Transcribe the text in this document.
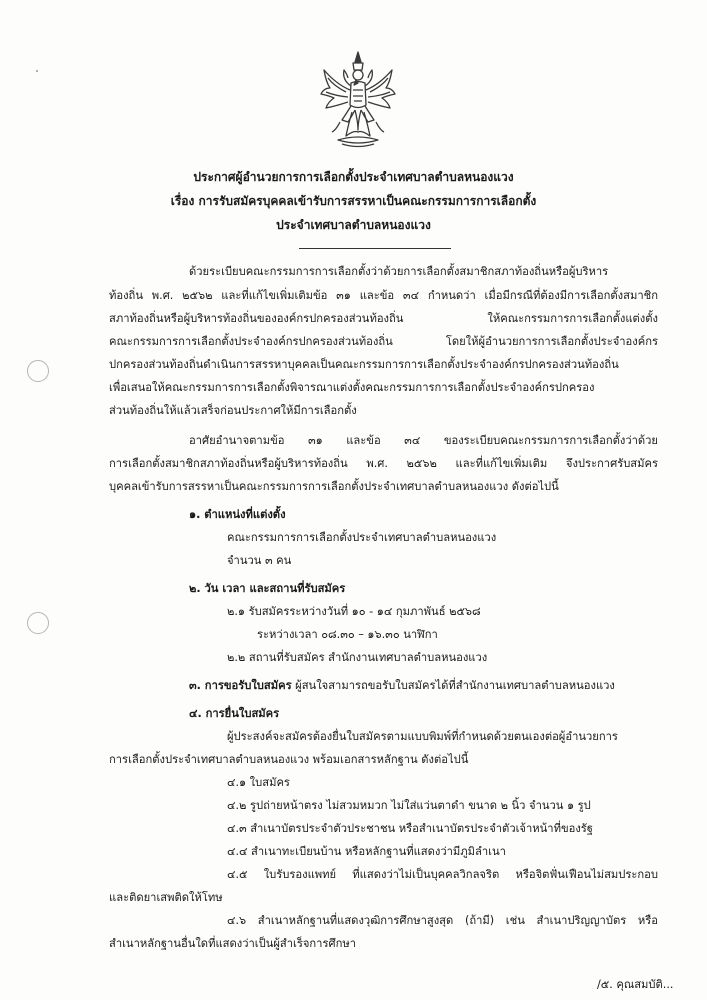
ประกาศผู้อำนวยการการเลือกตั้งประจำเทศบาลตำบลหนองแวง
เรื่อง การรับสมัครบุคคลเข้ารับการสรรหาเป็นคณะกรรมการการเลือกตั้ง
ประจำเทศบาลตำบลหนองแวง
ด้วยระเบียบคณะกรรมการการเลือกตั้งว่าด้วยการเลือกตั้งสมาชิกสภาท้องถิ่นหรือผู้บริหาร
ท้องถิ่น พ.ศ. ๒๕๖๒ และที่แก้ไขเพิ่มเติมข้อ ๓๑ และข้อ ๓๔ กำหนดว่า เมื่อมีกรณีที่ต้องมีการเลือกตั้งสมาชิก
สภาท้องถิ่นหรือผู้บริหารท้องถิ่นขององค์กรปกครองส่วนท้องถิ่น ให้คณะกรรมการการเลือกตั้งแต่งตั้ง
คณะกรรมการการเลือกตั้งประจำองค์กรปกครองส่วนท้องถิ่น โดยให้ผู้อำนวยการการเลือกตั้งประจำองค์กร
ปกครองส่วนท้องถิ่นดำเนินการสรรหาบุคคลเป็นคณะกรรมการการเลือกตั้งประจำองค์กรปกครองส่วนท้องถิ่น
เพื่อเสนอให้คณะกรรมการการเลือกตั้งพิจารณาแต่งตั้งคณะกรรมการการเลือกตั้งประจำองค์กรปกครอง
ส่วนท้องถิ่นให้แล้วเสร็จก่อนประกาศให้มีการเลือกตั้ง
อาศัยอำนาจตามข้อ ๓๑ และข้อ ๓๔ ของระเบียบคณะกรรมการการเลือกตั้งว่าด้วย
การเลือกตั้งสมาชิกสภาท้องถิ่นหรือผู้บริหารท้องถิ่น พ.ศ. ๒๕๖๒ และที่แก้ไขเพิ่มเติม จึงประกาศรับสมัคร
บุคคลเข้ารับการสรรหาเป็นคณะกรรมการการเลือกตั้งประจำเทศบาลตำบลหนองแวง ดังต่อไปนี้
๑. ตำแหน่งที่แต่งตั้ง
คณะกรรมการการเลือกตั้งประจำเทศบาลตำบลหนองแวง
จำนวน ๓ คน
๒. วัน เวลา และสถานที่รับสมัคร
๒.๑ รับสมัครระหว่างวันที่ ๑๐ - ๑๔ กุมภาพันธ์ ๒๕๖๘
ระหว่างเวลา ๐๘.๓๐ – ๑๖.๓๐ นาฬิกา
๒.๒ สถานที่รับสมัคร สำนักงานเทศบาลตำบลหนองแวง
๓. การขอรับใบสมัคร ผู้สนใจสามารถขอรับใบสมัครได้ที่สำนักงานเทศบาลตำบลหนองแวง
๔. การยื่นใบสมัคร
ผู้ประสงค์จะสมัครต้องยื่นใบสมัครตามแบบพิมพ์ที่กำหนดด้วยตนเองต่อผู้อำนวยการ
การเลือกตั้งประจำเทศบาลตำบลหนองแวง พร้อมเอกสารหลักฐาน ดังต่อไปนี้
๔.๑ ใบสมัคร
๔.๒ รูปถ่ายหน้าตรง ไม่สวมหมวก ไม่ใส่แว่นตาดำ ขนาด ๒ นิ้ว จำนวน ๑ รูป
๔.๓ สำเนาบัตรประจำตัวประชาชน หรือสำเนาบัตรประจำตัวเจ้าหน้าที่ของรัฐ
๔.๔ สำเนาทะเบียนบ้าน หรือหลักฐานที่แสดงว่ามีภูมิลำเนา
๔.๕ ใบรับรองแพทย์ ที่แสดงว่าไม่เป็นบุคคลวิกลจริต หรือจิตฟั่นเฟือนไม่สมประกอบ
และติดยาเสพติดให้โทษ
๔.๖ สำเนาหลักฐานที่แสดงวุฒิการศึกษาสูงสุด (ถ้ามี) เช่น สำเนาปริญญาบัตร หรือ
สำเนาหลักฐานอื่นใดที่แสดงว่าเป็นผู้สำเร็จการศึกษา
/๕. คุณสมบัติ...
